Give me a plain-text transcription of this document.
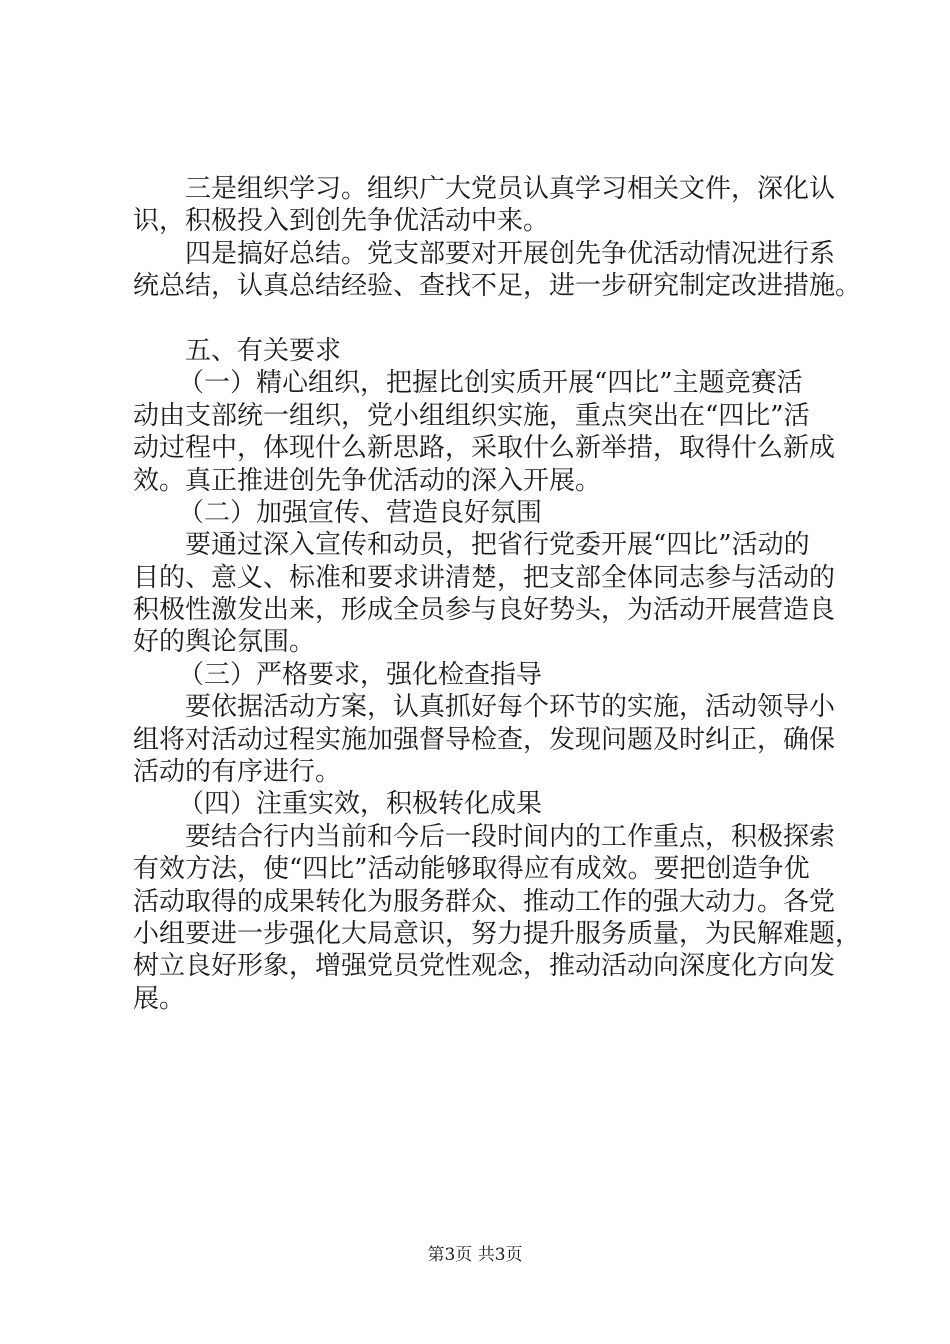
三是组织学习。组织广大党员认真学习相关文件，深化认
识，积极投入到创先争优活动中来。
四是搞好总结。党支部要对开展创先争优活动情况进行系
统总结，认真总结经验、查找不足，进一步研究制定改进措施。
五、有关要求
（一）精心组织，把握比创实质开展“四比”主题竞赛活
动由支部统一组织，党小组组织实施，重点突出在“四比”活
动过程中，体现什么新思路，采取什么新举措，取得什么新成
效。真正推进创先争优活动的深入开展。
（二）加强宣传、营造良好氛围
要通过深入宣传和动员，把省行党委开展“四比”活动的
目的、意义、标准和要求讲清楚，把支部全体同志参与活动的
积极性激发出来，形成全员参与良好势头，为活动开展营造良
好的舆论氛围。
（三）严格要求，强化检查指导
要依据活动方案，认真抓好每个环节的实施，活动领导小
组将对活动过程实施加强督导检查，发现问题及时纠正，确保
活动的有序进行。
（四）注重实效，积极转化成果
要结合行内当前和今后一段时间内的工作重点，积极探索
有效方法，使“四比”活动能够取得应有成效。要把创造争优
活动取得的成果转化为服务群众、推动工作的强大动力。各党
小组要进一步强化大局意识，努力提升服务质量，为民解难题，
树立良好形象，增强党员党性观念，推动活动向深度化方向发
展。
第3页 共3页
